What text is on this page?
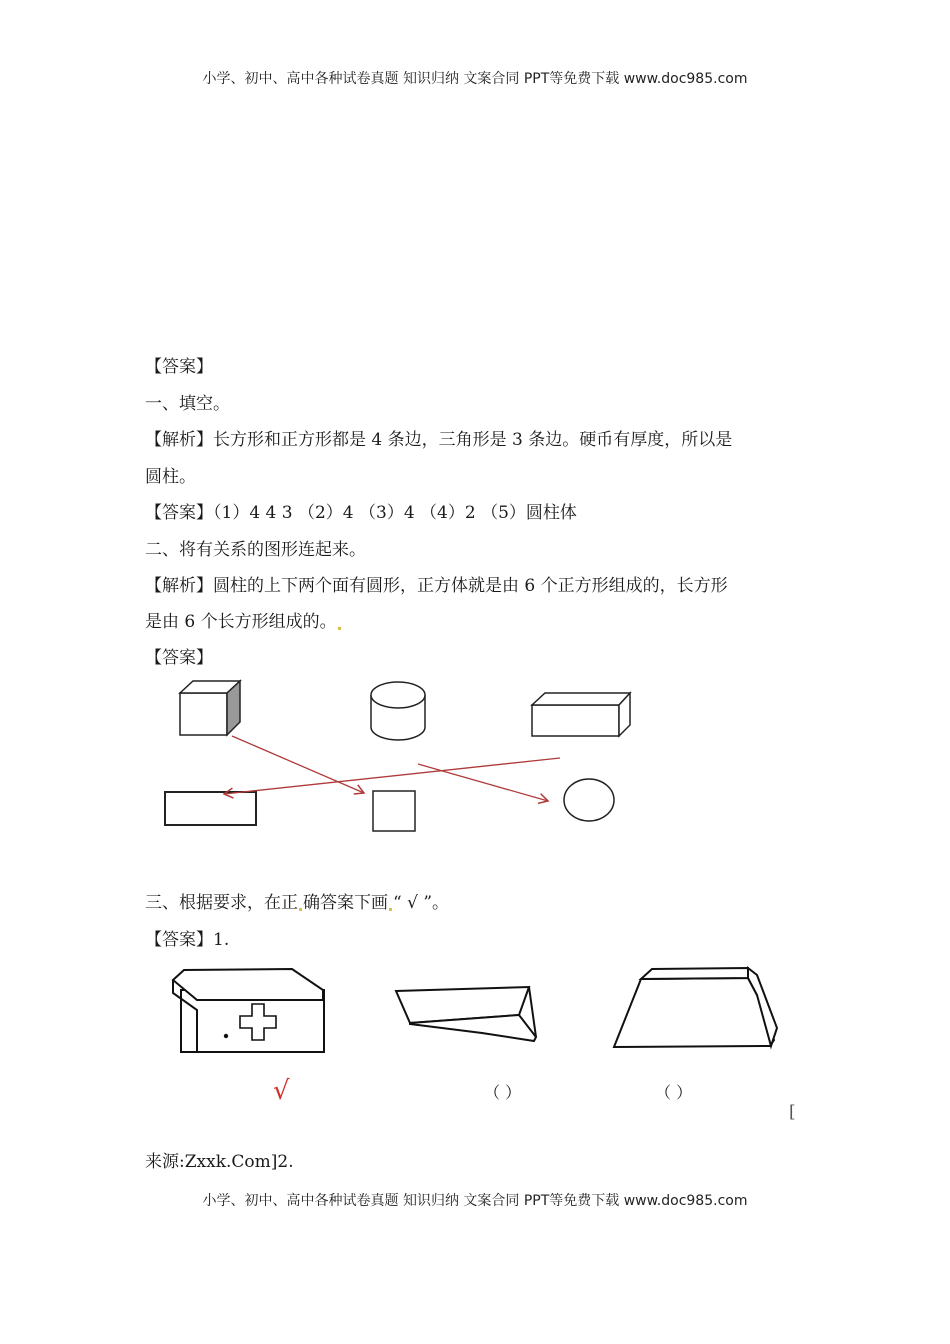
小学、初中、高中各种试卷真题 知识归纳 文案合同 PPT等免费下载 www.doc985.com
【答案】
一、填空。
【解析】长方形和正方形都是 4 条边，三角形是 3 条边。硬币有厚度，所以是
圆柱。
【答案】（1）4 4 3 （2）4 （3）4 （4）2 （5）圆柱体
二、将有关系的图形连起来。
【解析】圆柱的上下两个面有圆形，正方体就是由 6 个正方形组成的，长方形
是由 6 个长方形组成的。
【答案】
三、根据要求，在正 确答案下画 “ √ ”。
【答案】1.
√	（ ）	（ ）
[
来源:Zxxk.Com]2.
小学、初中、高中各种试卷真题 知识归纳 文案合同 PPT等免费下载 www.doc985.com
